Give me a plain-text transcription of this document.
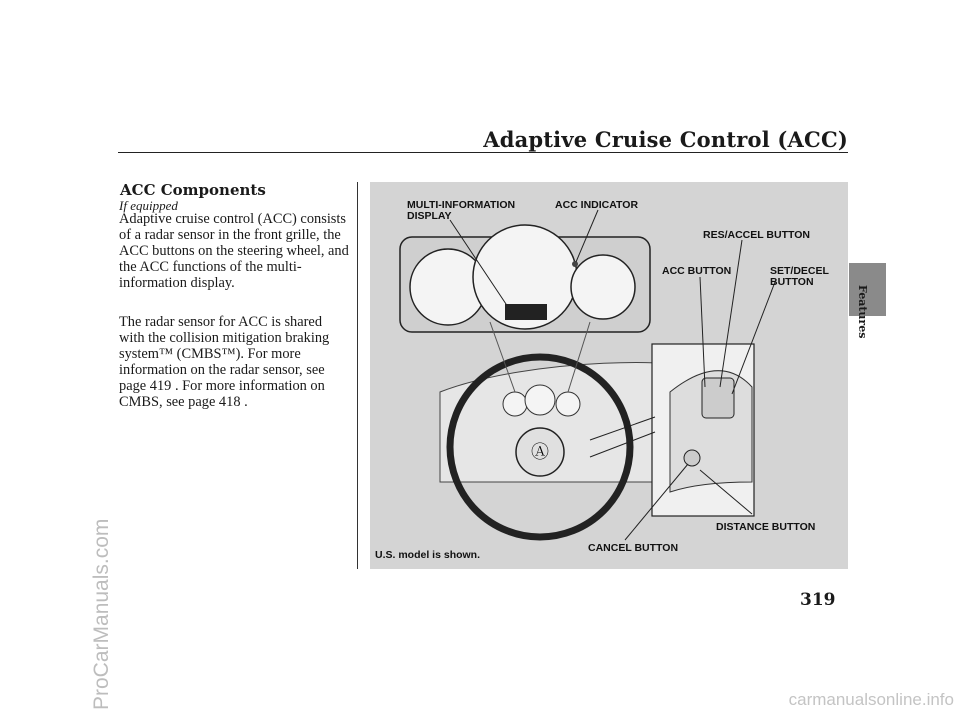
Adaptive Cruise Control (ACC)
Features
ACC Components
If equipped
Adaptive cruise control (ACC) consists of a radar sensor in the front grille, the ACC buttons on the steering wheel, and the ACC functions of the multi-information display.
The radar sensor for ACC is shared with the collision mitigation braking system™ (CMBS™). For more information on the radar sensor, see page 419 . For more information on CMBS, see page 418 .
Ⓐ
MULTI-INFORMATION
DISPLAY
ACC INDICATOR
RES/ACCEL BUTTON
ACC BUTTON	SET/DECEL
BUTTON
DISTANCE BUTTON
CANCEL BUTTON
U.S. model is shown.
319
ProCarManuals.com	carmanualsonline.info
